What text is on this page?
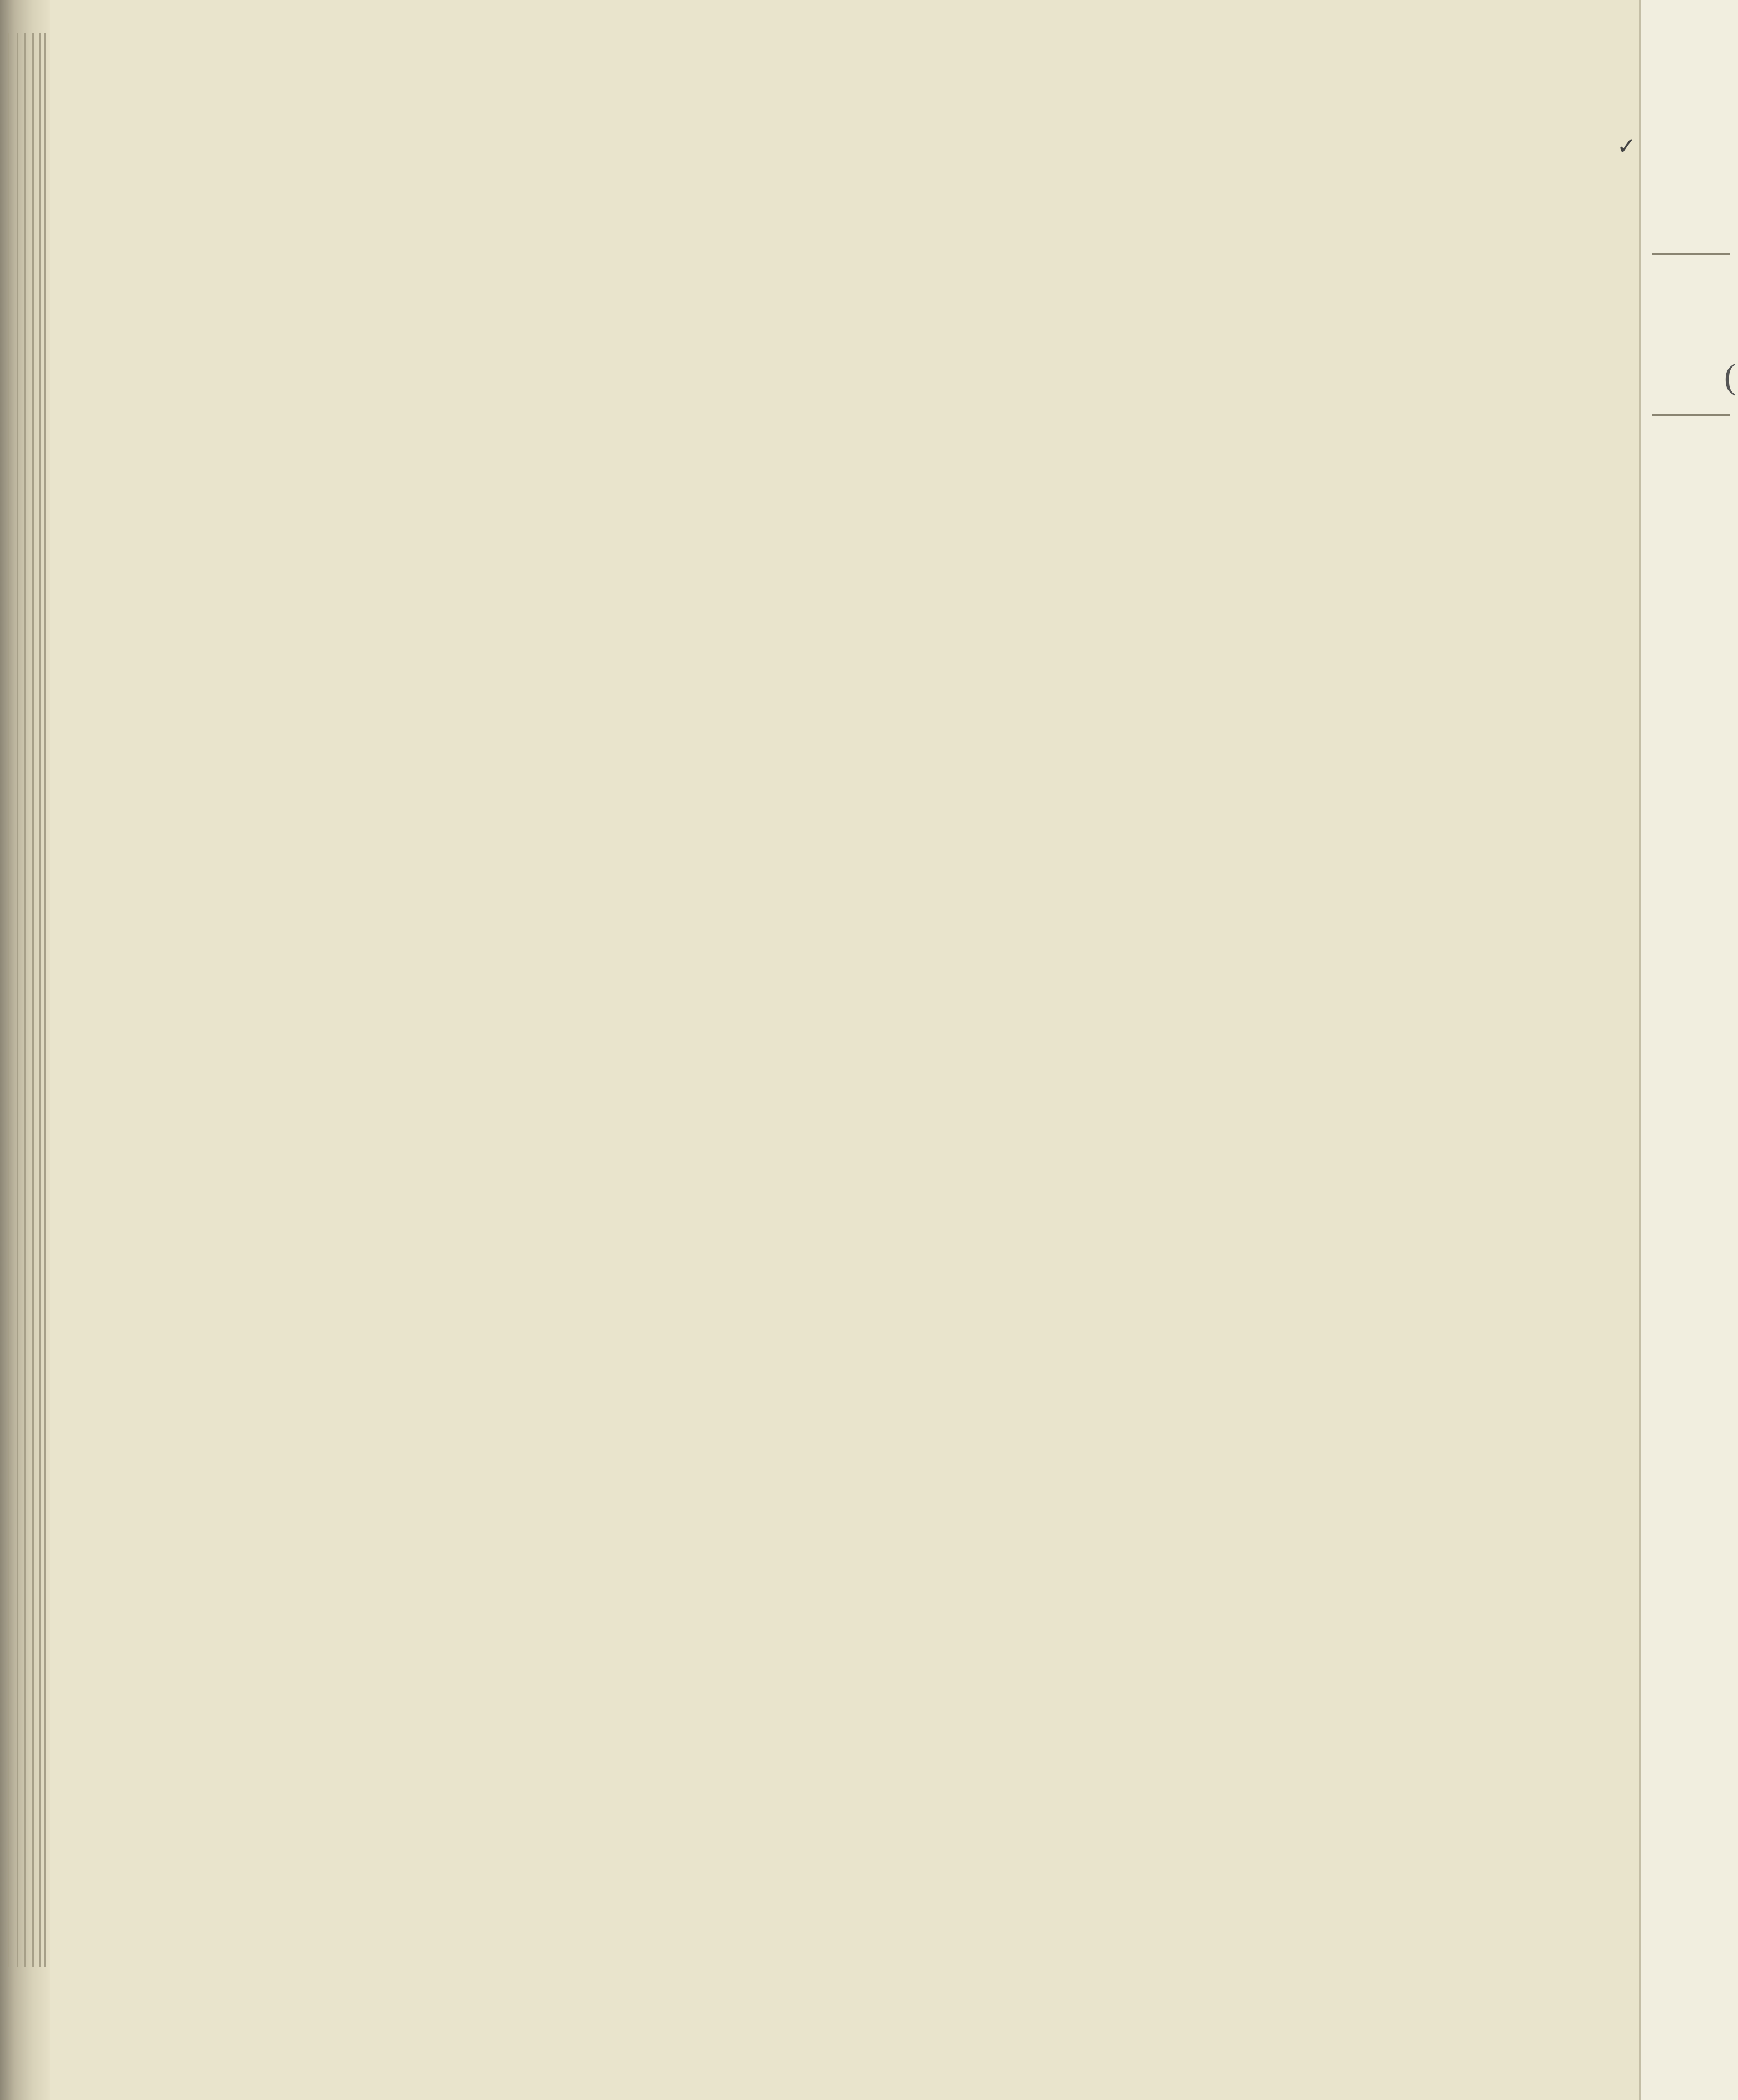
(
✓
